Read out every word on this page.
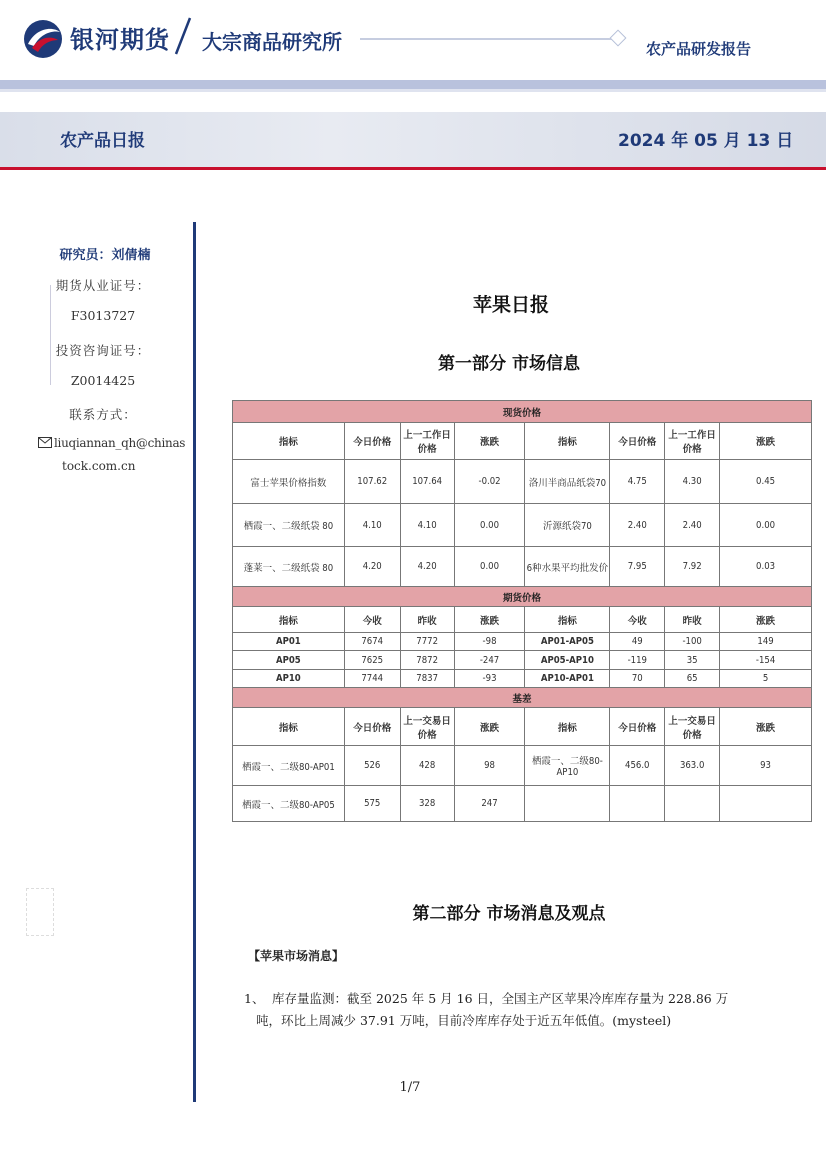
银河期货 大宗商品研究所	农产品研发报告
农产品日报	2024 年 05 月 13 日
研究员：刘倩楠
期货从业证号：
F3013727
投资咨询证号：
Z0014425
联系方式：
liuqiannan_qh@chinas
tock.com.cn
苹果日报
第一部分 市场信息
现货价格							
指标	今日价格	上一工作日价格	涨跌	指标	今日价格	上一工作日价格	涨跌
富士苹果价格指数	107.62	107.64	-0.02	洛川半商品纸袋70	4.75	4.30	0.45
栖霞一、二级纸袋 80	4.10	4.10	0.00	沂源纸袋70	2.40	2.40	0.00
蓬莱一、二级纸袋 80	4.20	4.20	0.00	6种水果平均批发价	7.95	7.92	0.03
期货价格							
指标	今收	昨收	涨跌	指标	今收	昨收	涨跌
AP01	7674	7772	-98	AP01-AP05	49	-100	149
AP05	7625	7872	-247	AP05-AP10	-119	35	-154
AP10	7744	7837	-93	AP10-AP01	70	65	5
基差							
指标	今日价格	上一交易日价格	涨跌	指标	今日价格	上一交易日价格	涨跌
栖霞一、二级80-AP01	526	428	98	栖霞一、二级80-AP10	456.0	363.0	93
栖霞一、二级80-AP05	575	328	247				
第二部分 市场消息及观点
【苹果市场消息】
1、 库存量监测：截至 2025 年 5 月 16 日，全国主产区苹果冷库库存量为 228.86 万
吨，环比上周减少 37.91 万吨，目前冷库库存处于近五年低值。(mysteel)
1/7
